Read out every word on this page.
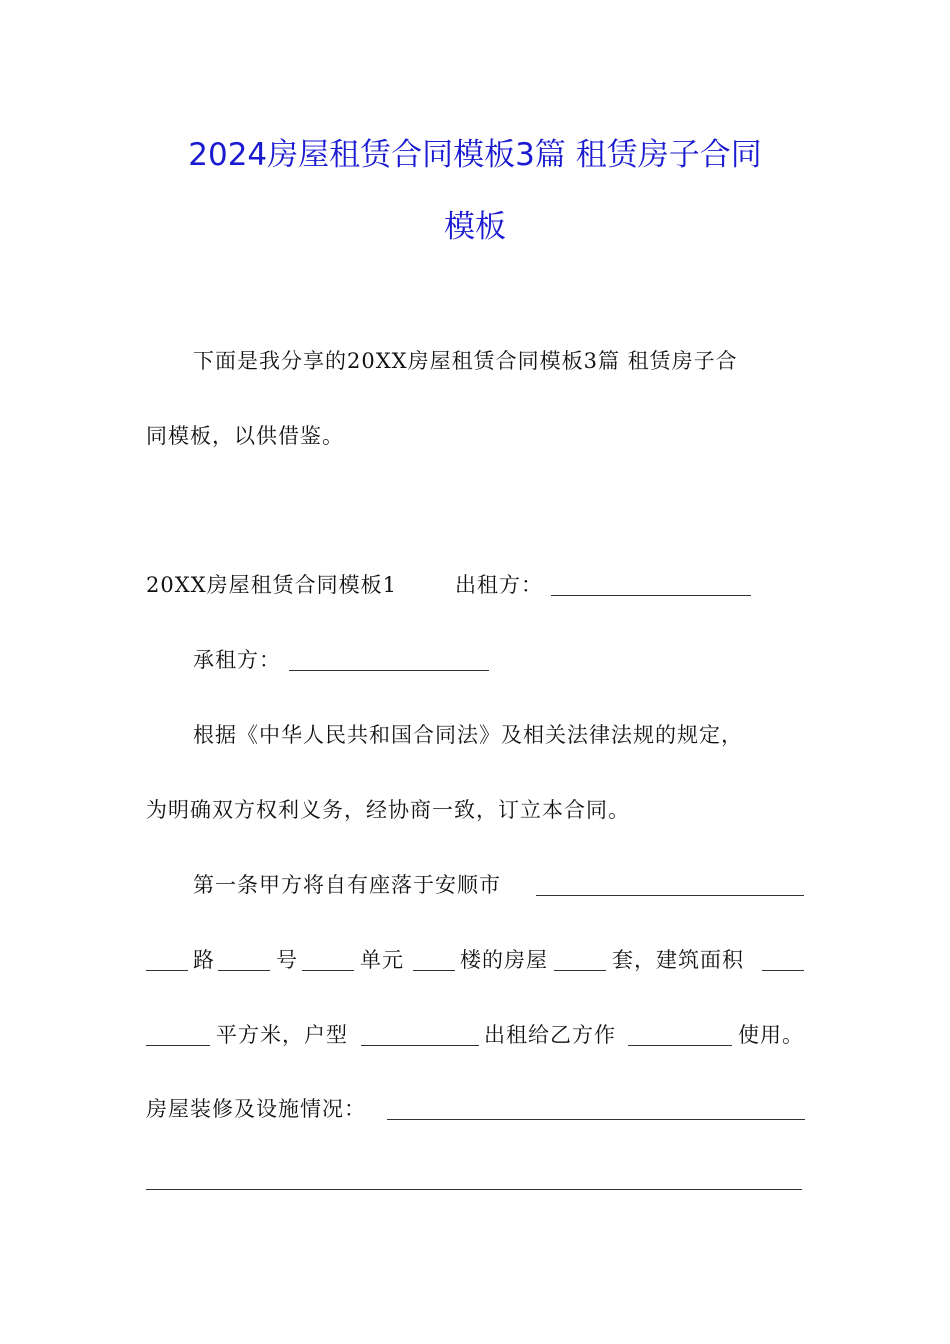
2024房屋租赁合同模板3篇 租赁房子合同
模板
下面是我分享的20XX房屋租赁合同模板3篇 租赁房子合
同模板，以供借鉴。
20XX房屋租赁合同模板1	出租方：
承租方：
根据《中华人民共和国合同法》及相关法律法规的规定，
为明确双方权利义务，经协商一致，订立本合同。
第一条甲方将自有座落于安顺市
路	号	单元	楼的房屋	套，建筑面积
平方米，户型	出租给乙方作	使用。
房屋装修及设施情况：
